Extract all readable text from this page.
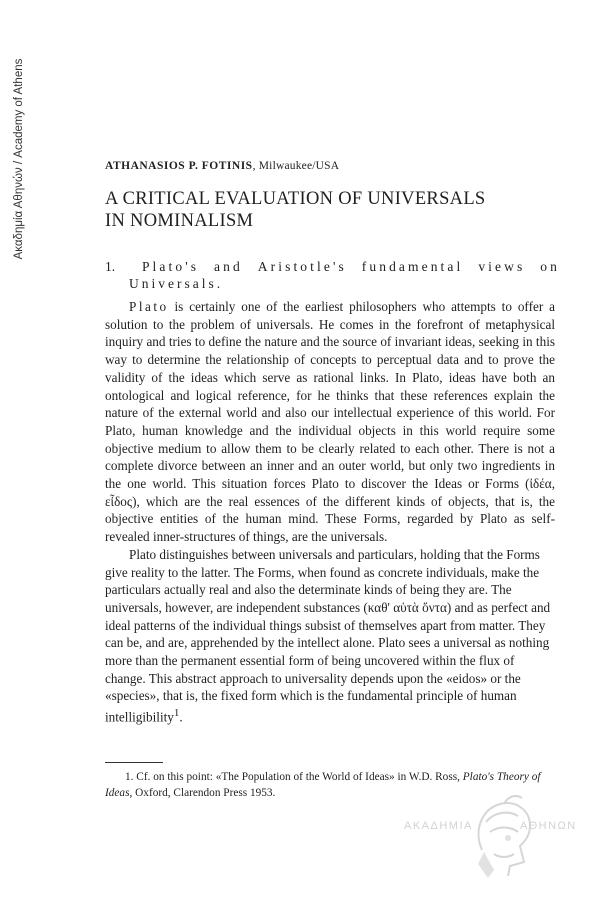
Ακαδημία Αθηνών / Academy of Athens	ATHANASIOS P. FOTINIS, Milwaukee/USA
A CRITICAL EVALUATION OF UNIVERSALS
IN NOMINALISM
1.	Plato's and Aristotle's fundamental views on
Universals.

Plato is certainly one of the earliest philosophers who attempts to offer a solution to the problem of universals. He comes in the forefront of metaphysical inquiry and tries to define the nature and the source of invariant ideas, seeking in this way to determine the relationship of concepts to perceptual data and to prove the validity of the ideas which serve as rational links. In Plato, ideas have both an ontological and logical reference, for he thinks that these references explain the nature of the external world and also our intellectual experience of this world. For Plato, human knowledge and the individual objects in this world require some objective medium to allow them to be clearly related to each other. There is not a complete divorce between an inner and an outer world, but only two ingredients in the one world. This situation forces Plato to discover the Ideas or Forms (ἰδέα, εἶδος), which are the real essences of the different kinds of objects, that is, the objective entities of the human mind. These Forms, regarded by Plato as self-revealed inner-structures of things, are the universals.

Plato distinguishes between universals and particulars, holding that the Forms give reality to the latter. The Forms, when found as concrete individuals, make the particulars actually real and also the determinate kinds of being they are. The universals, however, are independent substances (καθ' αὑτὰ ὄντα) and as perfect and ideal patterns of the individual things subsist of themselves apart from matter. They can be, and are, apprehended by the intellect alone. Plato sees a universal as nothing more than the permanent essential form of being uncovered within the flux of change. This abstract approach to universality depends upon the «eidos» or the «species», that is, the fixed form which is the fundamental principle of human intelligibility$^1$.

1. Cf. on this point: «The Population of the World of Ideas» in W.D. Ross, Plato's Theory of Ideas, Oxford, Clarendon Press 1953.
ΑΚΑΔΗΜΙΑ	ΑΘΗΝΩΝ
